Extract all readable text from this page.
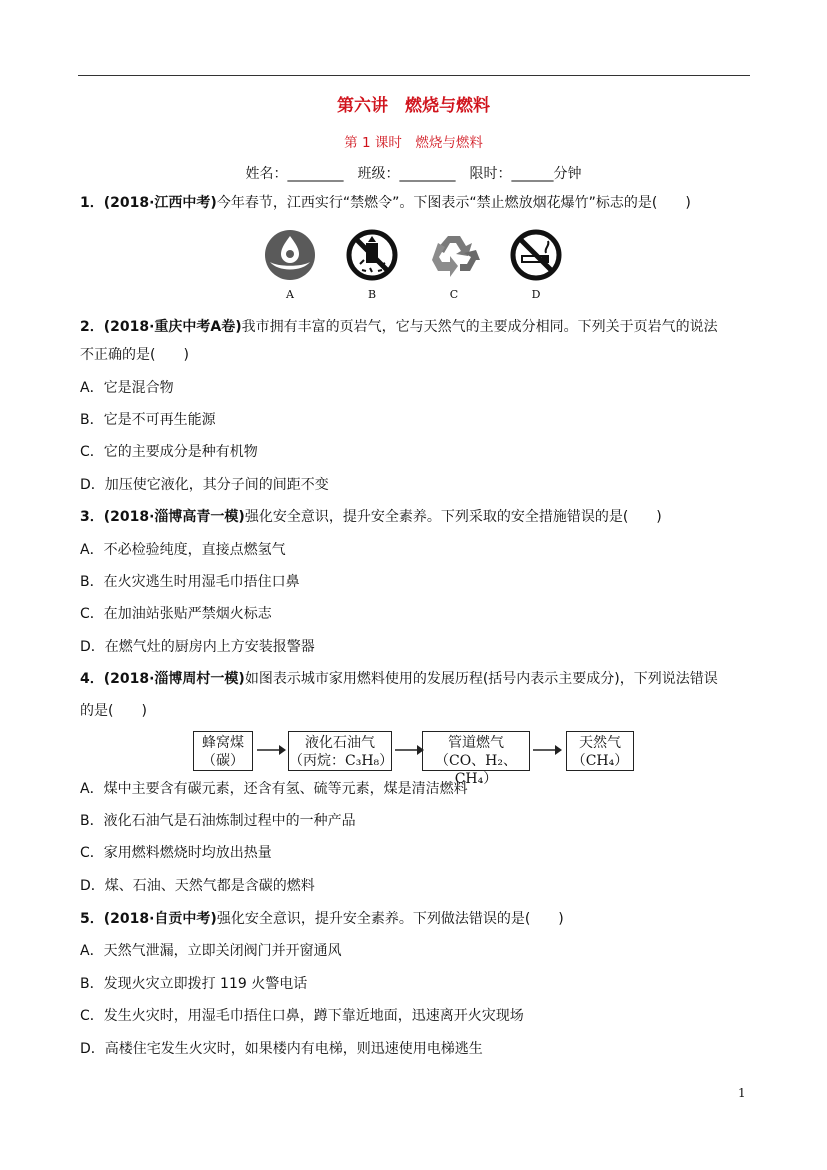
第六讲　燃烧与燃料
第 1 课时　燃烧与燃料
姓名：________　班级：________　限时：______分钟
1．(2018·江西中考)今年春节，江西实行“禁燃令”。下图表示“禁止燃放烟花爆竹”标志的是(　　)
A	B	C	D
2．(2018·重庆中考A卷)我市拥有丰富的页岩气，它与天然气的主要成分相同。下列关于页岩气的说法
不正确的是(　　)
A．它是混合物
B．它是不可再生能源
C．它的主要成分是种有机物
D．加压使它液化，其分子间的间距不变
3．(2018·淄博高青一模)强化安全意识，提升安全素养。下列采取的安全措施错误的是(　　)
A．不必检验纯度，直接点燃氢气
B．在火灾逃生时用湿毛巾捂住口鼻
C．在加油站张贴严禁烟火标志
D．在燃气灶的厨房内上方安装报警器
4．(2018·淄博周村一模)如图表示城市家用燃料使用的发展历程(括号内表示主要成分)，下列说法错误
的是(　　)
蜂窝煤
（碳）
液化石油气
（丙烷：C₃H₈）
管道燃气
（CO、H₂、CH₄）
天然气
（CH₄）
A．煤中主要含有碳元素，还含有氢、硫等元素，煤是清洁燃料
B．液化石油气是石油炼制过程中的一种产品
C．家用燃料燃烧时均放出热量
D．煤、石油、天然气都是含碳的燃料
5．(2018·自贡中考)强化安全意识，提升安全素养。下列做法错误的是(　　)
A．天然气泄漏，立即关闭阀门并开窗通风
B．发现火灾立即拨打 119 火警电话
C．发生火灾时，用湿毛巾捂住口鼻，蹲下靠近地面，迅速离开火灾现场
D．高楼住宅发生火灾时，如果楼内有电梯，则迅速使用电梯逃生
1
